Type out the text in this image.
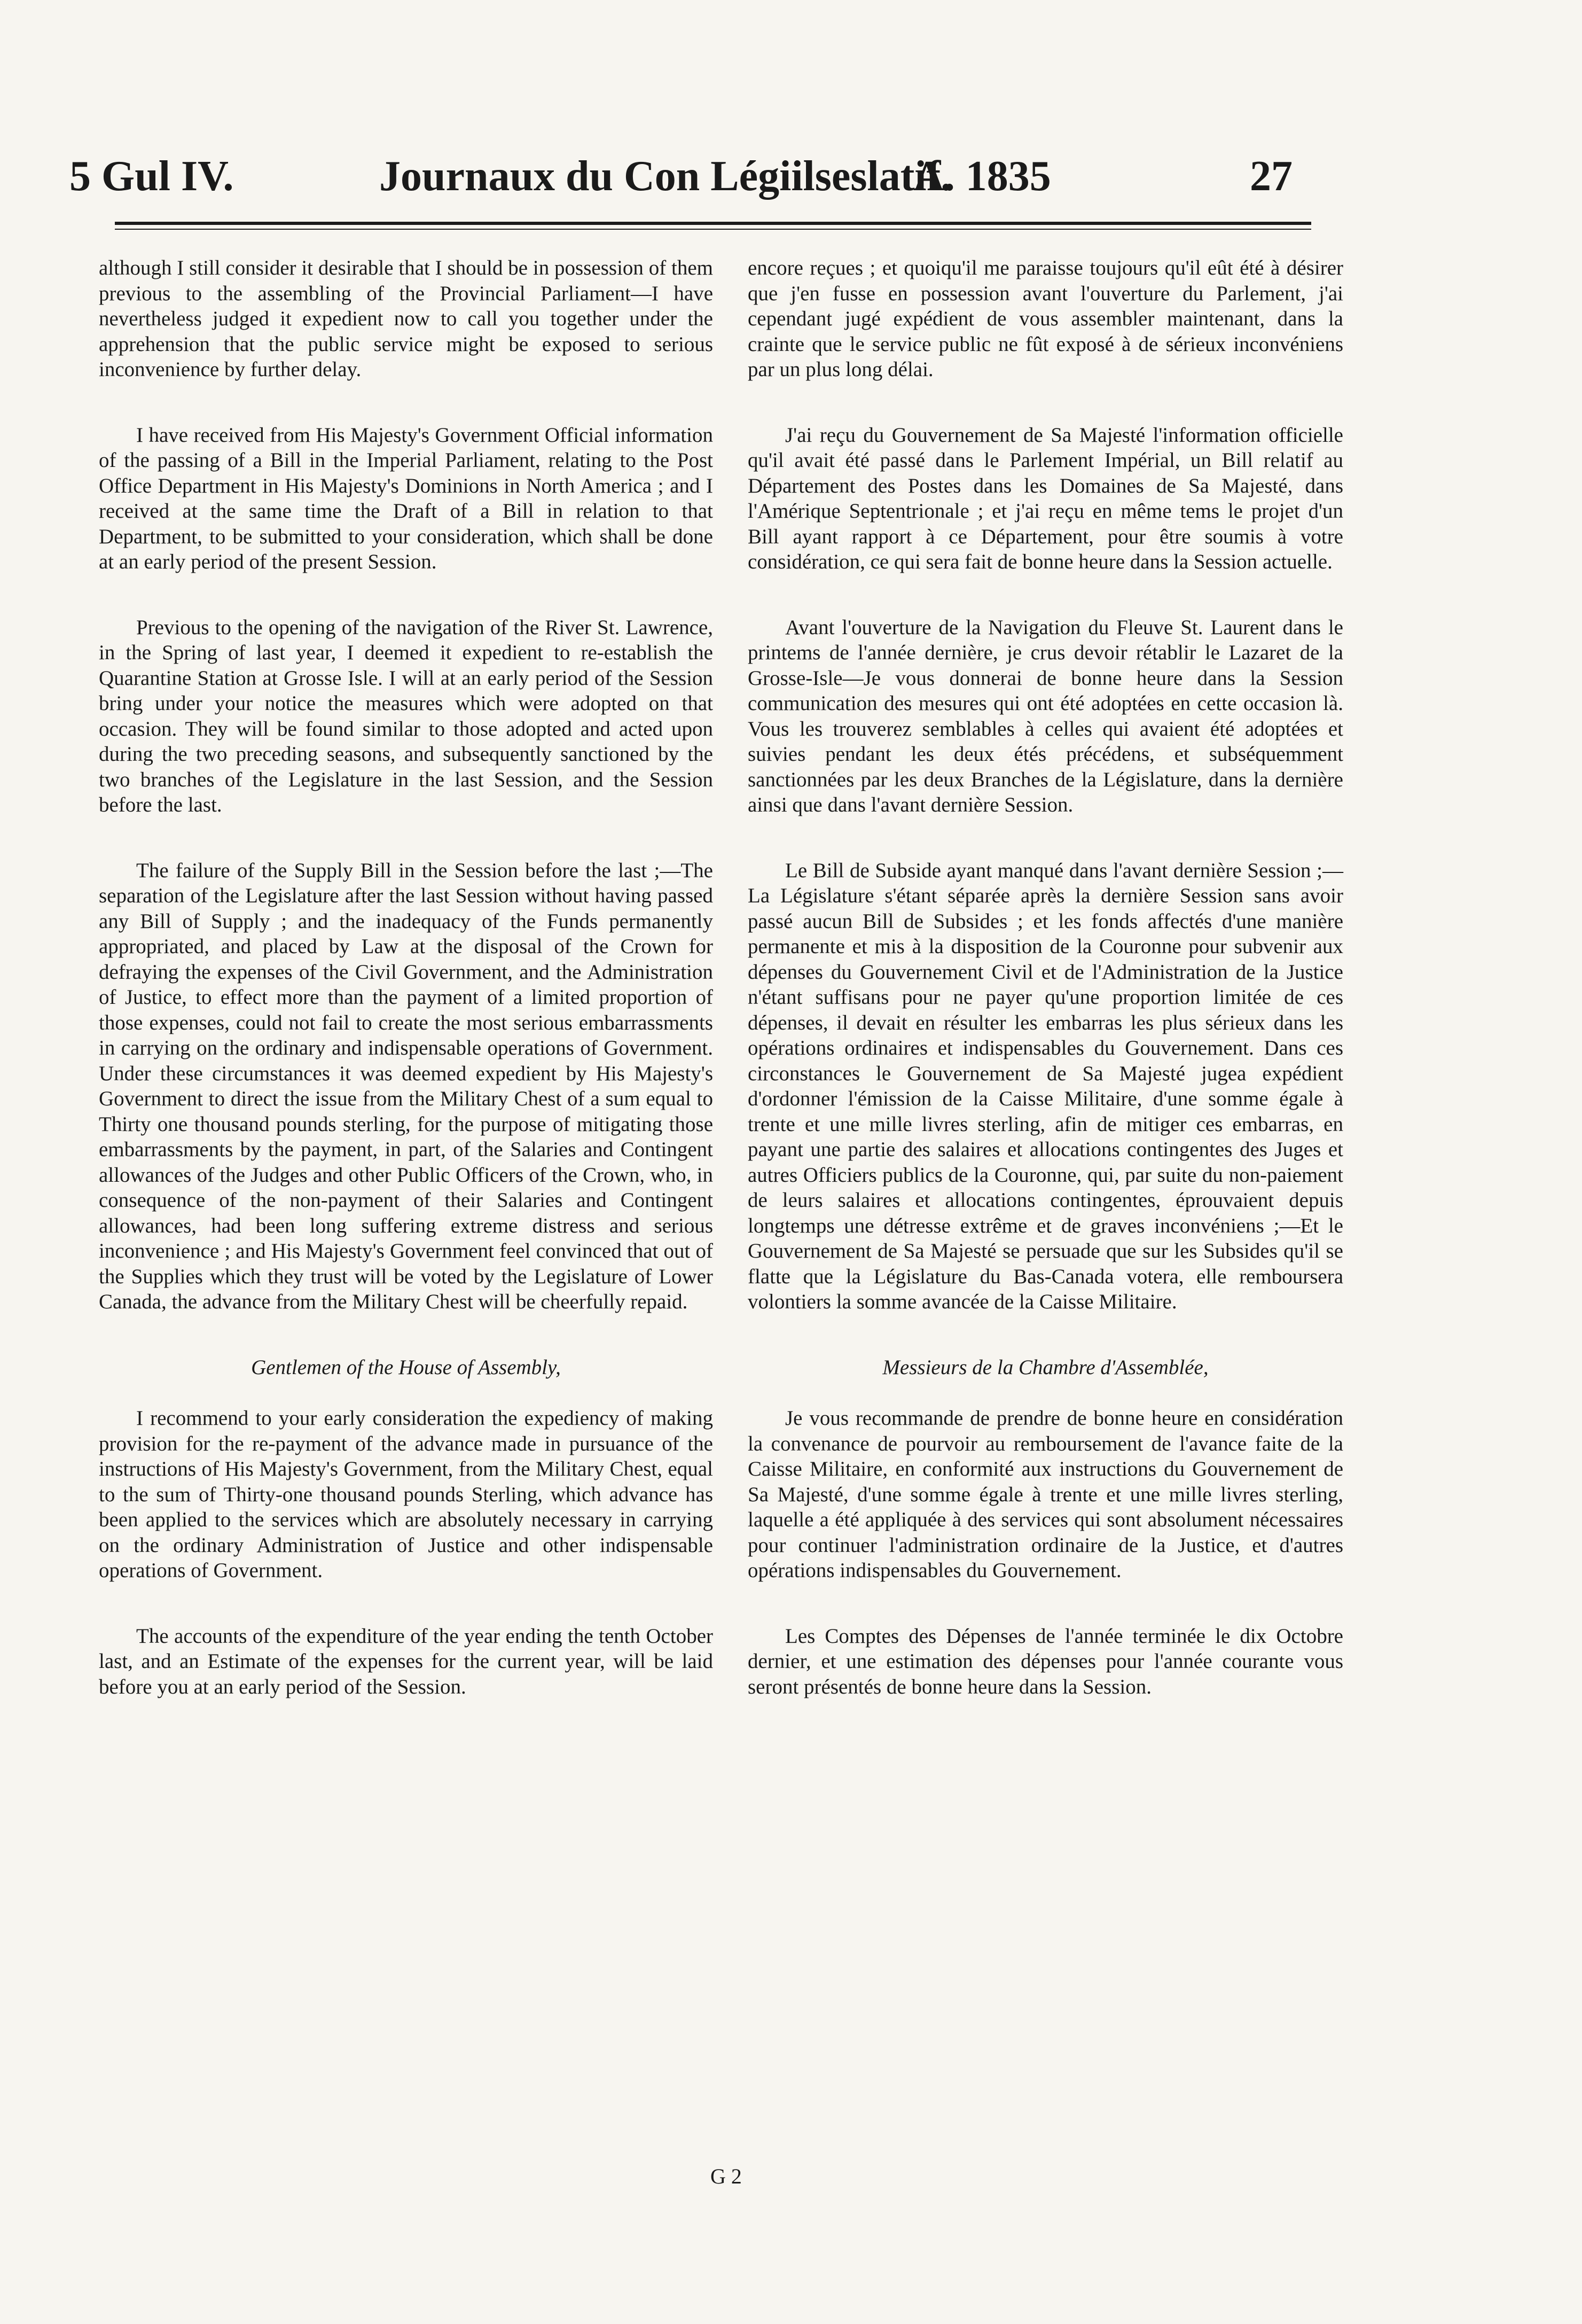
5 Gul IV.	Journaux du Con Légiilseslatif.
A. 1835	27

although I still consider it desirable that I should be in possession of them previous to the assembling of the Provincial Parliament—I have nevertheless judged it expedient now to call you together under the apprehension that the public service might be exposed to serious inconvenience by further delay.

I have received from His Majesty's Government Official information of the passing of a Bill in the Imperial Parliament, relating to the Post Office Department in His Majesty's Dominions in North America ; and I received at the same time the Draft of a Bill in relation to that Department, to be submitted to your consideration, which shall be done at an early period of the present Session.

Previous to the opening of the navigation of the River St. Lawrence, in the Spring of last year, I deemed it expedient to re-establish the Quarantine Station at Grosse Isle. I will at an early period of the Session bring under your notice the measures which were adopted on that occasion. They will be found similar to those adopted and acted upon during the two preceding seasons, and subsequently sanctioned by the two branches of the Legislature in the last Session, and the Session before the last.

The failure of the Supply Bill in the Session before the last ;—The separation of the Legislature after the last Session without having passed any Bill of Supply ; and the inadequacy of the Funds permanently appropriated, and placed by Law at the disposal of the Crown for defraying the expenses of the Civil Government, and the Administration of Justice, to effect more than the payment of a limited proportion of those expenses, could not fail to create the most serious embarrassments in carrying on the ordinary and indispensable operations of Government. Under these circumstances it was deemed expedient by His Majesty's Government to direct the issue from the Military Chest of a sum equal to Thirty one thousand pounds sterling, for the purpose of mitigating those embarrassments by the payment, in part, of the Salaries and Contingent allowances of the Judges and other Public Officers of the Crown, who, in consequence of the non-payment of their Salaries and Contingent allowances, had been long suffering extreme distress and serious inconvenience ; and His Majesty's Government feel convinced that out of the Supplies which they trust will be voted by the Legislature of Lower Canada, the advance from the Military Chest will be cheerfully repaid.

Gentlemen of the House of Assembly,

I recommend to your early consideration the expediency of making provision for the re-payment of the advance made in pursuance of the instructions of His Majesty's Government, from the Military Chest, equal to the sum of Thirty-one thousand pounds Sterling, which advance has been applied to the services which are absolutely necessary in carrying on the ordinary Administration of Justice and other indispensable operations of Government.

The accounts of the expenditure of the year ending the tenth October last, and an Estimate of the expenses for the current year, will be laid before you at an early period of the Session.

encore reçues ; et quoiqu'il me paraisse toujours qu'il eût été à désirer que j'en fusse en possession avant l'ouverture du Parlement, j'ai cependant jugé expédient de vous assembler maintenant, dans la crainte que le service public ne fût exposé à de sérieux inconvéniens par un plus long délai.

J'ai reçu du Gouvernement de Sa Majesté l'information officielle qu'il avait été passé dans le Parlement Impérial, un Bill relatif au Département des Postes dans les Domaines de Sa Majesté, dans l'Amérique Septentrionale ; et j'ai reçu en même tems le projet d'un Bill ayant rapport à ce Département, pour être soumis à votre considération, ce qui sera fait de bonne heure dans la Session actuelle.

Avant l'ouverture de la Navigation du Fleuve St. Laurent dans le printems de l'année dernière, je crus devoir rétablir le Lazaret de la Grosse-Isle—Je vous donnerai de bonne heure dans la Session communication des mesures qui ont été adoptées en cette occasion là. Vous les trouverez semblables à celles qui avaient été adoptées et suivies pendant les deux étés précédens, et subséquemment sanctionnées par les deux Branches de la Législature, dans la dernière ainsi que dans l'avant dernière Session.

Le Bill de Subside ayant manqué dans l'avant dernière Session ;—La Législature s'étant séparée après la dernière Session sans avoir passé aucun Bill de Subsides ; et les fonds affectés d'une manière permanente et mis à la disposition de la Couronne pour subvenir aux dépenses du Gouvernement Civil et de l'Administration de la Justice n'étant suffisans pour ne payer qu'une proportion limitée de ces dépenses, il devait en résulter les embarras les plus sérieux dans les opérations ordinaires et indispensables du Gouvernement. Dans ces circonstances le Gouvernement de Sa Majesté jugea expédient d'ordonner l'émission de la Caisse Militaire, d'une somme égale à trente et une mille livres sterling, afin de mitiger ces embarras, en payant une partie des salaires et allocations contingentes des Juges et autres Officiers publics de la Couronne, qui, par suite du non-paiement de leurs salaires et allocations contingentes, éprouvaient depuis longtemps une détresse extrême et de graves inconvéniens ;—Et le Gouvernement de Sa Majesté se persuade que sur les Subsides qu'il se flatte que la Législature du Bas-Canada votera, elle remboursera volontiers la somme avancée de la Caisse Militaire.

Messieurs de la Chambre d'Assemblée,

Je vous recommande de prendre de bonne heure en considération la convenance de pourvoir au remboursement de l'avance faite de la Caisse Militaire, en conformité aux instructions du Gouvernement de Sa Majesté, d'une somme égale à trente et une mille livres sterling, laquelle a été appliquée à des services qui sont absolument nécessaires pour continuer l'administration ordinaire de la Justice, et d'autres opérations indispensables du Gouvernement.

Les Comptes des Dépenses de l'année terminée le dix Octobre dernier, et une estimation des dépenses pour l'année courante vous seront présentés de bonne heure dans la Session.

G 2
